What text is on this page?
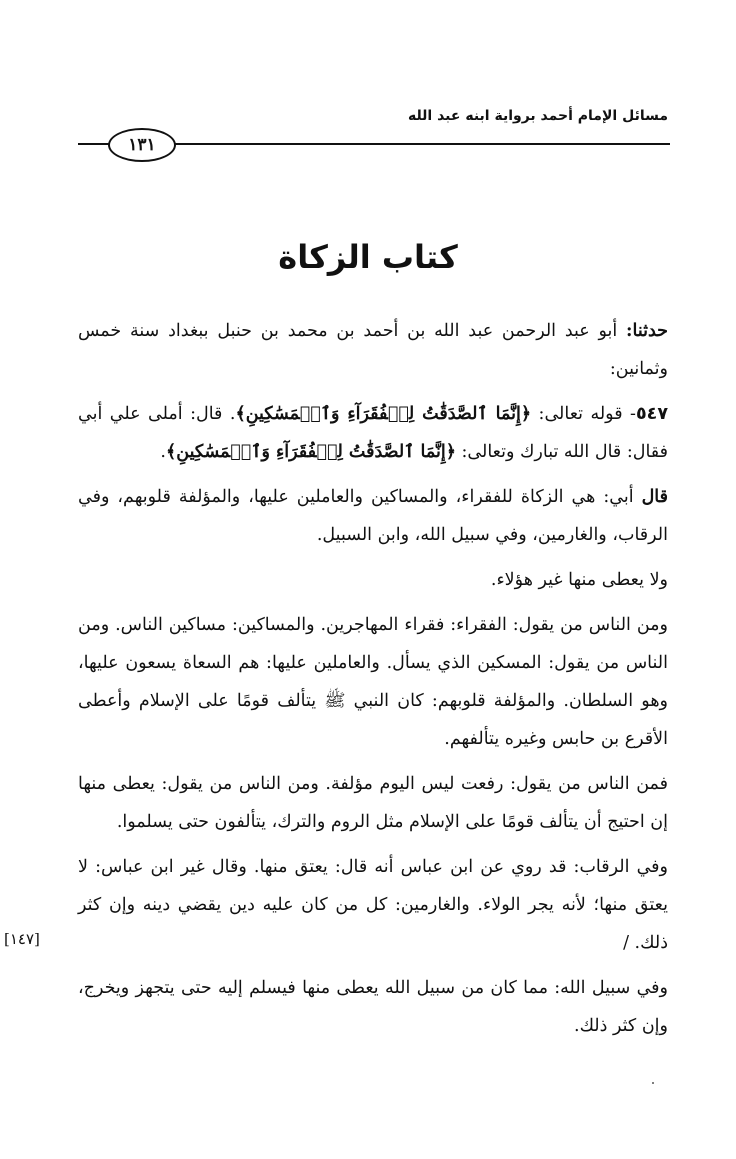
مسائل الإمام أحمد برواية ابنه عبد الله
١٣١
كتاب الزكاة

حدثنا: أبو عبد الرحمن عبد الله بن أحمد بن محمد بن حنبل ببغداد سنة خمس وثمانين:

٥٤٧- قوله تعالى: ﴿إِنَّمَا ٱلصَّدَقَٰتُ لِلۡفُقَرَآءِ وَٱلۡمَسَٰكِينِ﴾. قال: أملى علي أبي فقال: قال الله تبارك وتعالى: ﴿إِنَّمَا ٱلصَّدَقَٰتُ لِلۡفُقَرَآءِ وَٱلۡمَسَٰكِينِ﴾.

قال أبي: هي الزكاة للفقراء، والمساكين والعاملين عليها، والمؤلفة قلوبهم، وفي الرقاب، والغارمين، وفي سبيل الله، وابن السبيل.

ولا يعطى منها غير هؤلاء.

ومن الناس من يقول: الفقراء: فقراء المهاجرين. والمساكين: مساكين الناس. ومن الناس من يقول: المسكين الذي يسأل. والعاملين عليها: هم السعاة يسعون عليها، وهو السلطان. والمؤلفة قلوبهم: كان النبي ﷺ يتألف قومًا على الإسلام وأعطى الأقرع بن حابس وغيره يتألفهم.

فمن الناس من يقول: رفعت ليس اليوم مؤلفة. ومن الناس من يقول: يعطى منها إن احتيج أن يتألف قومًا على الإسلام مثل الروم والترك، يتألفون حتى يسلموا.

وفي الرقاب: قد روي عن ابن عباس أنه قال: يعتق منها. وقال غير ابن عباس: لا يعتق منها؛ لأنه يجر الولاء. والغارمين: كل من كان عليه دين يقضي دينه وإن كثر ذلك. /

وفي سبيل الله: مما كان من سبيل الله يعطى منها فيسلم إليه حتى يتجهز ويخرج، وإن كثر ذلك.

[١٤٧]
